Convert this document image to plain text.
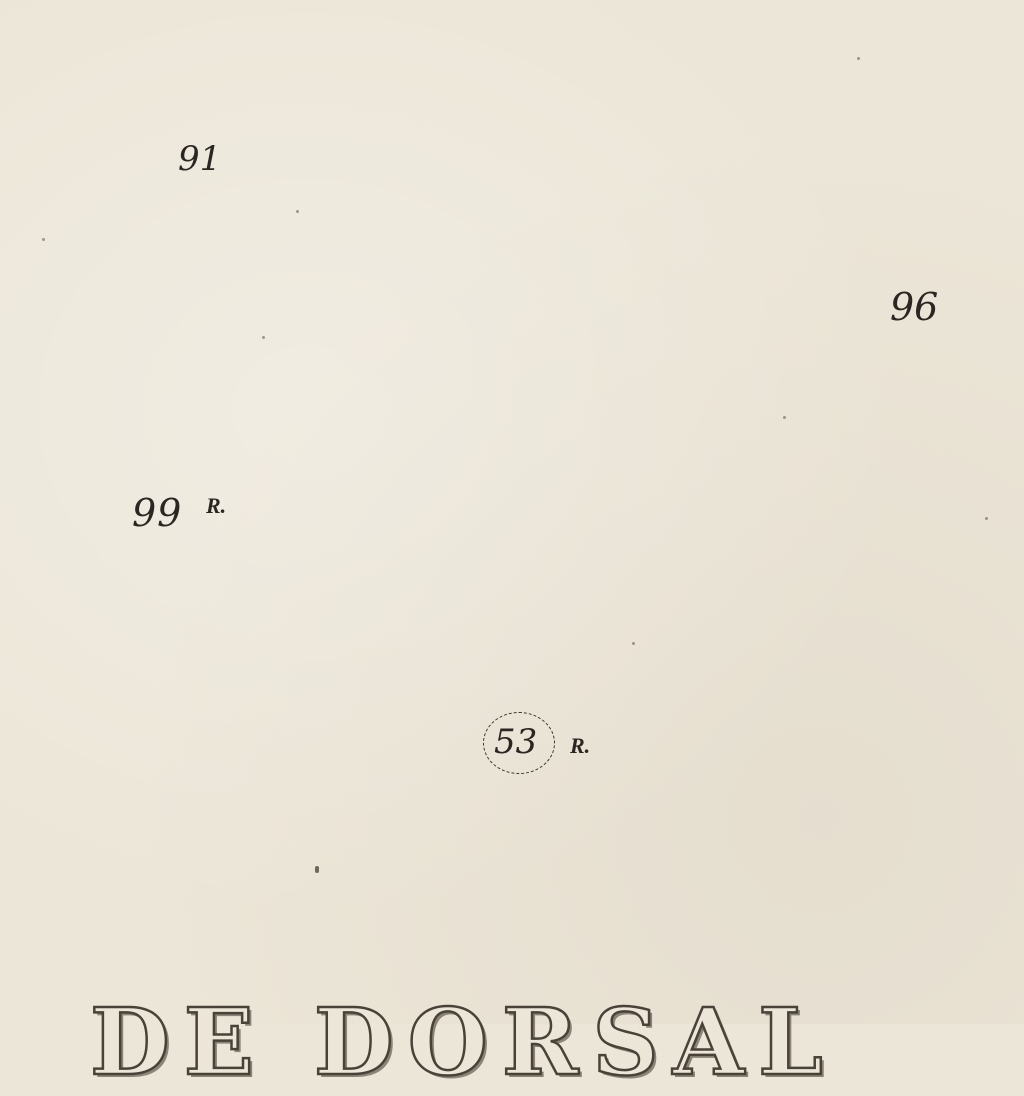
91
96
99 R.
53 R.
DE DORSAL
